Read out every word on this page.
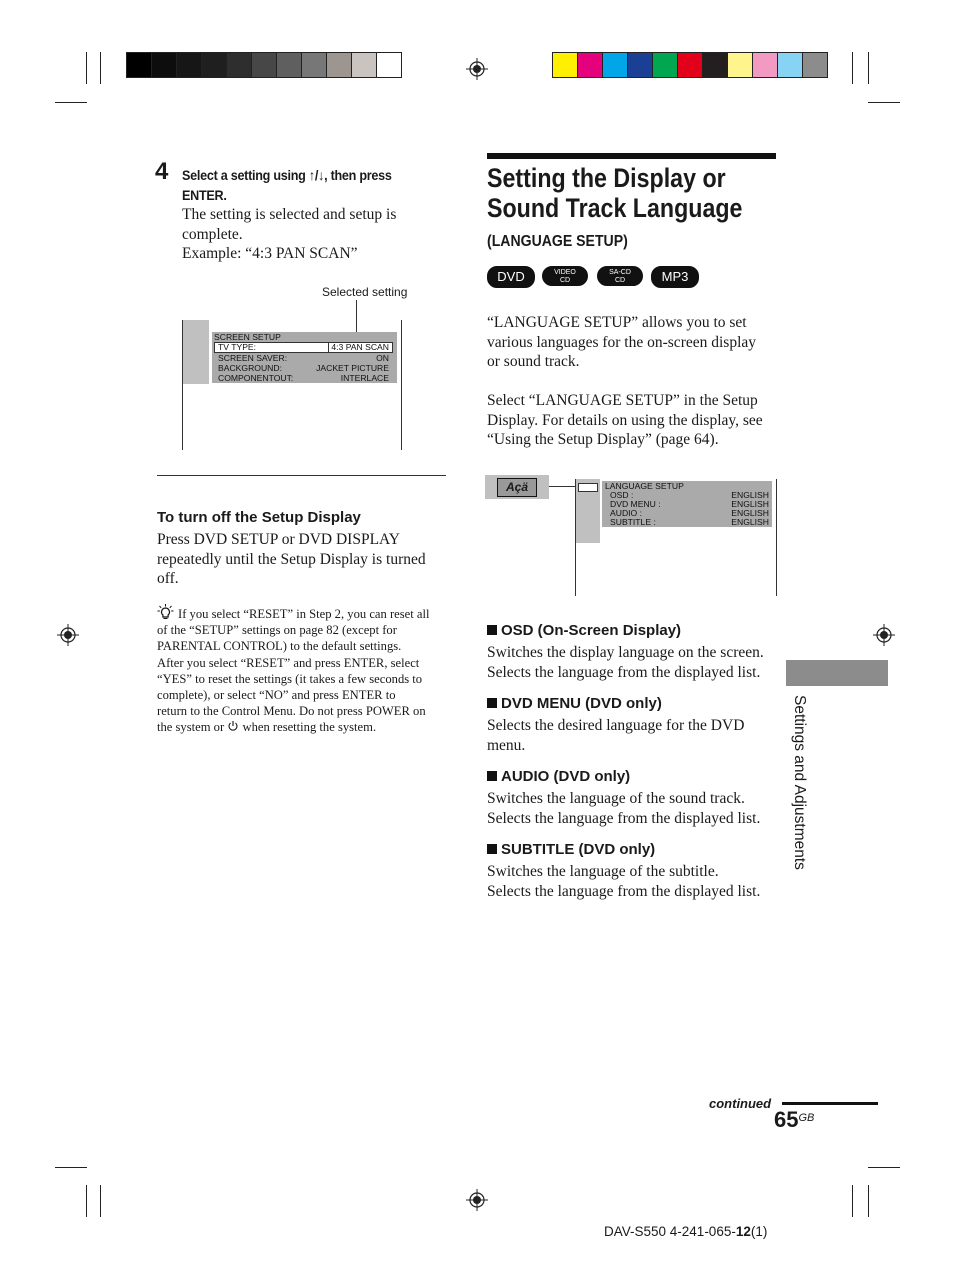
4 Select a setting using ↑/↓, then press
ENTER.
The setting is selected and setup is
complete.
Example: “4:3 PAN SCAN”
Selected setting
SCREEN SETUP
TV TYPE:	4:3 PAN SCAN
SCREEN SAVER:	ON
BACKGROUND:	JACKET PICTURE
COMPONENTOUT:	INTERLACE
To turn off the Setup Display
Press DVD SETUP or DVD DISPLAY
repeatedly until the Setup Display is turned
off.
If you select “RESET” in Step 2, you can reset all
of the “SETUP” settings on page 82 (except for
PARENTAL CONTROL) to the default settings.
After you select “RESET” and press ENTER, select
“YES” to reset the settings (it takes a few seconds to
complete), or select “NO” and press ENTER to
return to the Control Menu. Do not press POWER on
the system or when resetting the system.
Setting the Display or
Sound Track Language
(LANGUAGE SETUP)
DVD	VIDEO
CD
SA-CD
CD	MP3
“LANGUAGE SETUP” allows you to set
various languages for the on-screen display
or sound track.
Select “LANGUAGE SETUP” in the Setup
Display. For details on using the display, see
“Using the Setup Display” (page 64).
Açä	LANGUAGE SETUP
OSD :	ENGLISH
DVD MENU :	ENGLISH
AUDIO :	ENGLISH
SUBTITLE :	ENGLISH
OSD (On-Screen Display)
Switches the display language on the screen.
Selects the language from the displayed list.
DVD MENU (DVD only)
Selects the desired language for the DVD
menu.
AUDIO (DVD only)
Switches the language of the sound track.
Selects the language from the displayed list.
SUBTITLE (DVD only)
Switches the language of the subtitle.
Selects the language from the displayed list.
Settings and Adjustments
continued
$65^{GB}$
DAV-S550 4-241-065-12(1)
